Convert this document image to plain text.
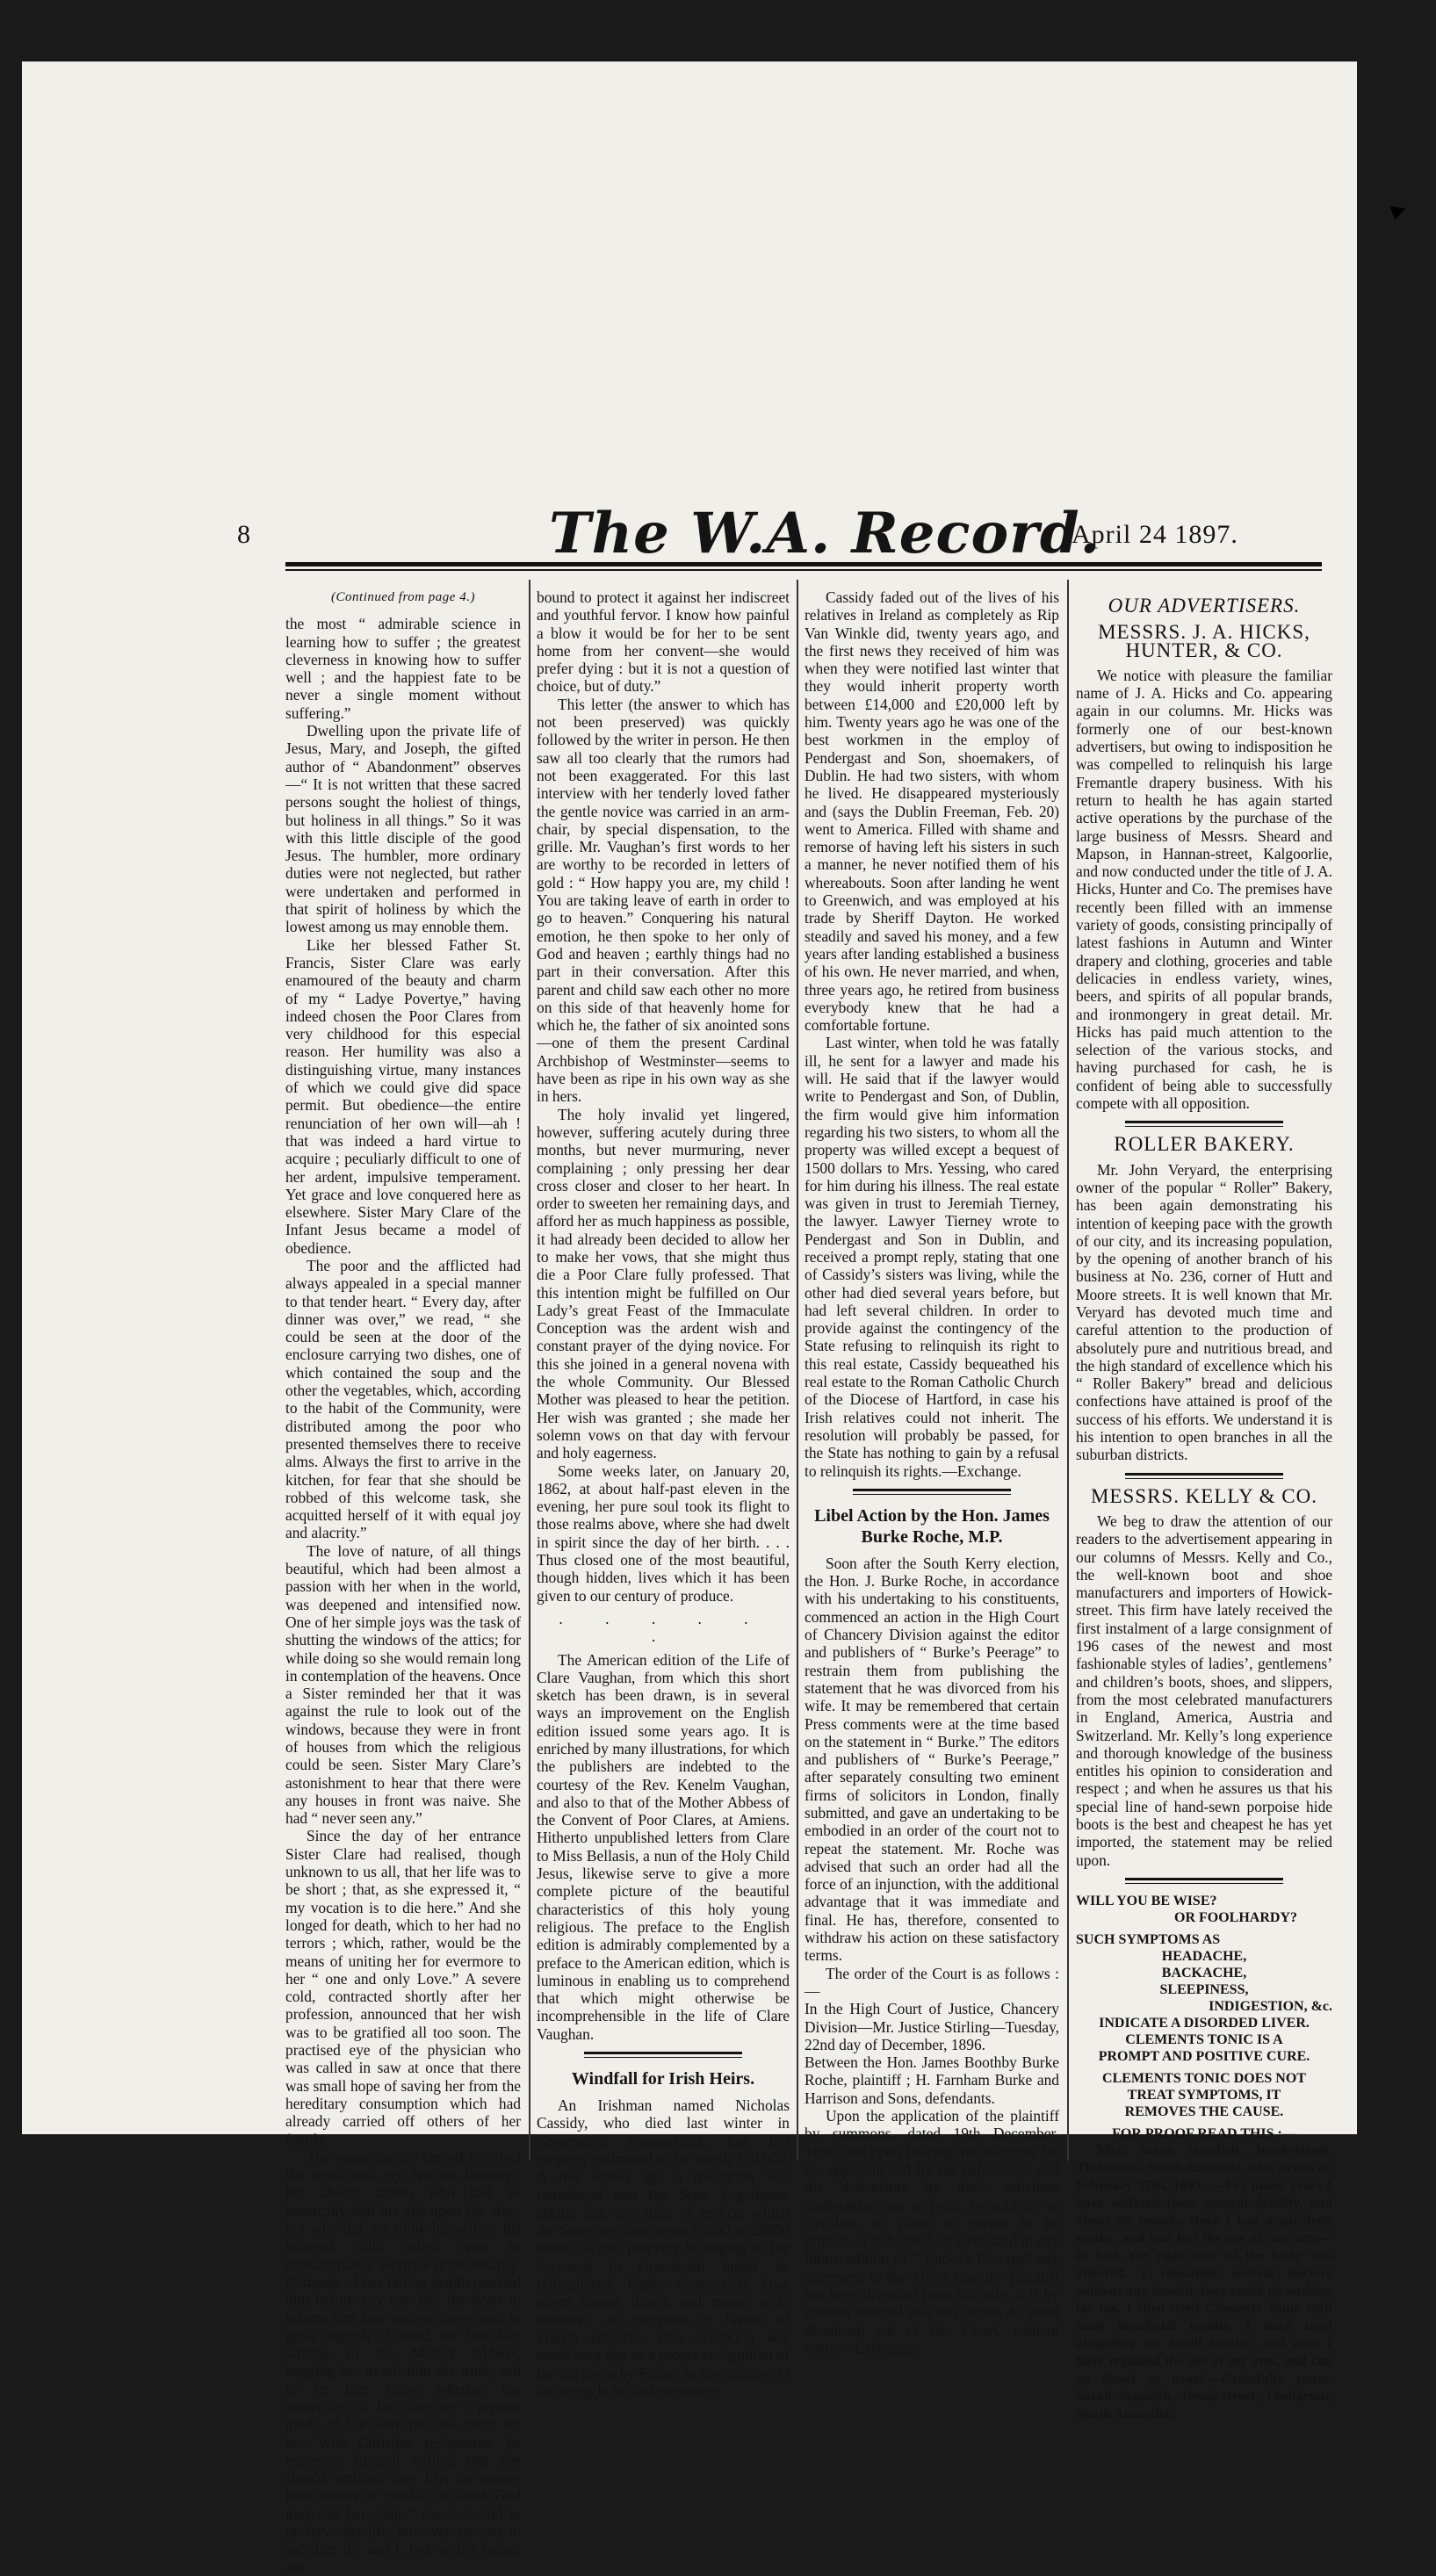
8	The W.A. Record.
April 24 1897.
(Continued from page 4.)

the most “ admirable science in learning how to suffer ; the greatest cleverness in knowing how to suffer well ; and the happiest fate to be never a single moment without suffering.”

Dwelling upon the private life of Jesus, Mary, and Joseph, the gifted author of “ Abandonment” observes —“ It is not written that these sacred persons sought the holiest of things, but holiness in all things.” So it was with this little disciple of the good Jesus. The humbler, more ordinary duties were not neglected, but rather were undertaken and performed in that spirit of holiness by which the lowest among us may ennoble them.

Like her blessed Father St. Francis, Sister Clare was early enamoured of the beauty and charm of my “ Ladye Povertye,” having indeed chosen the Poor Clares from very childhood for this especial reason. Her humility was also a distinguishing virtue, many instances of which we could give did space permit. But obedience—the entire renunciation of her own will—ah ! that was indeed a hard virtue to acquire ; peculiarly difficult to one of her ardent, impulsive temperament. Yet grace and love conquered here as elsewhere. Sister Mary Clare of the Infant Jesus became a model of obedience.

The poor and the afflicted had always appealed in a special manner to that tender heart. “ Every day, after dinner was over,” we read, “ she could be seen at the door of the enclosure carrying two dishes, one of which contained the soup and the other the vegetables, which, according to the habit of the Community, were distributed among the poor who presented themselves there to receive alms. Always the first to arrive in the kitchen, for fear that she should be robbed of this welcome task, she acquitted herself of it with equal joy and alacrity.”

The love of nature, of all things beautiful, which had been almost a passion with her when in the world, was deepened and intensified now. One of her simple joys was the task of shutting the windows of the attics; for while doing so she would remain long in contemplation of the heavens. Once a Sister reminded her that it was against the rule to look out of the windows, because they were in front of houses from which the religious could be seen. Sister Mary Clare’s astonishment to hear that there were any houses in front was naive. She had “ never seen any.”

Since the day of her entrance Sister Clare had realised, though unknown to us all, that her life was to be short ; that, as she expressed it, “ my vocation is to die here.” And she longed for death, which to her had no terrors ; which, rather, would be the means of uniting her for evermore to her “ one and only Love.” A severe cold, contracted shortly after her profession, announced that her wish was to be gratified all too soon. The practised eye of the physician who was called in saw at once that there was small hope of saving her from the hereditary consumption which had already carried off others of her family.

The young novice herself received the news with joy. Not so, however, her absent father, who had so heroically laid his gift upon the altar, but who did not think himself or his beloved child called upon to consummate a sacrifice unnecessarily. Rumours of her failing health reached him before any one had the heart to inform him how useless hope was. In great anguish of mind, we find him writing to the Mother Abbess, begging her to tell him the truth, and to let him know whether the austerities of his daughter’s present mode of life were not too much for her. With Christian resignation, he expresses himself willing that she should embrace any life, no matter how austere or painful, to which God may call her ; but “ she is bound to preserve her life, however anxious to sacrifice it ; and I, too, as her father, am

bound to protect it against her indiscreet and youthful fervor. I know how painful a blow it would be for her to be sent home from her convent—she would prefer dying : but it is not a question of choice, but of duty.”

This letter (the answer to which has not been preserved) was quickly followed by the writer in person. He then saw all too clearly that the rumors had not been exaggerated. For this last interview with her tenderly loved father the gentle novice was carried in an arm-chair, by special dispensation, to the grille. Mr. Vaughan’s first words to her are worthy to be recorded in letters of gold : “ How happy you are, my child ! You are taking leave of earth in order to go to heaven.” Conquering his natural emotion, he then spoke to her only of God and heaven ; earthly things had no part in their conversation. After this parent and child saw each other no more on this side of that heavenly home for which he, the father of six anointed sons—one of them the present Cardinal Archbishop of Westminster—seems to have been as ripe in his own way as she in hers.

The holy invalid yet lingered, however, suffering acutely during three months, but never murmuring, never complaining ; only pressing her dear cross closer and closer to her heart. In order to sweeten her remaining days, and afford her as much happiness as possible, it had already been decided to allow her to make her vows, that she might thus die a Poor Clare fully professed. That this intention might be fulfilled on Our Lady’s great Feast of the Immaculate Conception was the ardent wish and constant prayer of the dying novice. For this she joined in a general novena with the whole Community. Our Blessed Mother was pleased to hear the petition. Her wish was granted ; she made her solemn vows on that day with fervour and holy eagerness.

Some weeks later, on January 20, 1862, at about half-past eleven in the evening, her pure soul took its flight to those realms above, where she had dwelt in spirit since the day of her birth. . . . Thus closed one of the most beautiful, though hidden, lives which it has been given to our century of produce.

. . . . . .

The American edition of the Life of Clare Vaughan, from which this short sketch has been drawn, is in several ways an improvement on the English edition issued some years ago. It is enriched by many illustrations, for which the publishers are indebted to the courtesy of the Rev. Kenelm Vaughan, and also to that of the Mother Abbess of the Convent of Poor Clares, at Amiens. Hitherto unpublished letters from Clare to Miss Bellasis, a nun of the Holy Child Jesus, likewise serve to give a more complete picture of the beautiful characteristics of this holy young religious. The preface to the English edition is admirably complemented by a preface to the American edition, which is luminous in enabling us to comprehend that which might otherwise be incomprehensible in the life of Clare Vaughan.

Windfall for Irish Heirs.

An Irishman named Nicholas Cassidy, who died last winter in Greenwich, Connecticut, has left property estimated to be worth £20,000. A few weeks ago a resolution was introduced into the State Legislature asking that any right of escheat which the State may have upon £5000 or £6000 worth of real property belonging to the deceased in Greenwich might be relinquished. Under Connecticut laws aliens cannot inherit real estate, with, however, an exception in favour of French subjects. This exception was made long ago as a proper recognition of the aid given by France to the colonies in the struggle for independence.

Cassidy faded out of the lives of his relatives in Ireland as completely as Rip Van Winkle did, twenty years ago, and the first news they received of him was when they were notified last winter that they would inherit property worth between £14,000 and £20,000 left by him. Twenty years ago he was one of the best workmen in the employ of Pendergast and Son, shoemakers, of Dublin. He had two sisters, with whom he lived. He disappeared mysteriously and (says the Dublin Freeman, Feb. 20) went to America. Filled with shame and remorse of having left his sisters in such a manner, he never notified them of his whereabouts. Soon after landing he went to Greenwich, and was employed at his trade by Sheriff Dayton. He worked steadily and saved his money, and a few years after landing established a business of his own. He never married, and when, three years ago, he retired from business everybody knew that he had a comfortable fortune.

Last winter, when told he was fatally ill, he sent for a lawyer and made his will. He said that if the lawyer would write to Pendergast and Son, of Dublin, the firm would give him information regarding his two sisters, to whom all the property was willed except a bequest of 1500 dollars to Mrs. Yessing, who cared for him during his illness. The real estate was given in trust to Jeremiah Tierney, the lawyer. Lawyer Tierney wrote to Pendergast and Son in Dublin, and received a prompt reply, stating that one of Cassidy’s sisters was living, while the other had died several years before, but had left several children. In order to provide against the contingency of the State refusing to relinquish its right to this real estate, Cassidy bequeathed his real estate to the Roman Catholic Church of the Diocese of Hartford, in case his Irish relatives could not inherit. The resolution will probably be passed, for the State has nothing to gain by a refusal to relinquish its rights.—Exchange.

Libel Action by the Hon. James Burke Roche, M.P.

Soon after the South Kerry election, the Hon. J. Burke Roche, in accordance with his undertaking to his constituents, commenced an action in the High Court of Chancery Division against the editor and publishers of “ Burke’s Peerage” to restrain them from publishing the statement that he was divorced from his wife. It may be remembered that certain Press comments were at the time based on the statement in “ Burke.” The editors and publishers of “ Burke’s Peerage,” after separately consulting two eminent firms of solicitors in London, finally submitted, and gave an undertaking to be embodied in an order of the court not to repeat the statement. Mr. Roche was advised that such an order had all the force of an injunction, with the additional advantage that it was immediate and final. He has, therefore, consented to withdraw his action on these satisfactory terms.

The order of the Court is as follows :—

In the High Court of Justice, Chancery Division—Mr. Justice Stirling—Tuesday, 22nd day of December, 1896.

Between the Hon. James Boothby Burke Roche, plaintiff ; H. Farnham Burke and Harrison and Sons, defendants.

Upon the application of the plaintiff by summons, dated 19th December, 1896, and upon hearing the solicitors for the applicant and for the defendants, and the defendants by their solicitors undertaking not to print, or publish, or circulate, or cause or permit to be printed, or published, or circulated in any future edition of “ Burke’s Peerage” any statement to the effect that the plaintiff has been divorced from his wife, it is by consent ordered that this action do stand dismissed out of this Court, without costs.—Exchange.

OUR ADVERTISERS.
MESSRS. J. A. HICKS, HUNTER, & CO.

We notice with pleasure the familiar name of J. A. Hicks and Co. appearing again in our columns. Mr. Hicks was formerly one of our best-known advertisers, but owing to indisposition he was compelled to relinquish his large Fremantle drapery business. With his return to health he has again started active operations by the purchase of the large business of Messrs. Sheard and Mapson, in Hannan-street, Kalgoorlie, and now conducted under the title of J. A. Hicks, Hunter and Co. The premises have recently been filled with an immense variety of goods, consisting principally of latest fashions in Autumn and Winter drapery and clothing, groceries and table delicacies in endless variety, wines, beers, and spirits of all popular brands, and ironmongery in great detail. Mr. Hicks has paid much attention to the selection of the various stocks, and having purchased for cash, he is confident of being able to successfully compete with all opposition.

ROLLER BAKERY.

Mr. John Veryard, the enterprising owner of the popular “ Roller” Bakery, has been again demonstrating his intention of keeping pace with the growth of our city, and its increasing population, by the opening of another branch of his business at No. 236, corner of Hutt and Moore streets. It is well known that Mr. Veryard has devoted much time and careful attention to the production of absolutely pure and nutritious bread, and the high standard of excellence which his “ Roller Bakery” bread and delicious confections have attained is proof of the success of his efforts. We understand it is his intention to open branches in all the suburban districts.

MESSRS. KELLY & CO.

We beg to draw the attention of our readers to the advertisement appearing in our columns of Messrs. Kelly and Co., the well-known boot and shoe manufacturers and importers of Howick-street. This firm have lately received the first instalment of a large consignment of 196 cases of the newest and most fashionable styles of ladies’, gentlemens’ and children’s boots, shoes, and slippers, from the most celebrated manufacturers in England, America, Austria and Switzerland. Mr. Kelly’s long experience and thorough knowledge of the business entitles his opinion to consideration and respect ; and when he assures us that his special line of hand-sewn porpoise hide boots is the best and cheapest he has yet imported, the statement may be relied upon.

WILL YOU BE WISE?
OR FOOLHARDY?
SUCH SYMPTOMS AS
HEADACHE,
BACKACHE,
SLEEPINESS,
INDIGESTION, &c.
INDICATE A DISORDED LIVER.
CLEMENTS TONIC IS A
PROMPT AND POSITIVE CURE.
CLEMENTS TONIC DOES NOT
TREAT SYMPTOMS, IT
REMOVES THE CAUSE.
FOR PROOF READ THIS :—

Mrs. Sarah Standish, Jevois-street, Thebarton, South Australia, who writes on February 17th, 1893 :—For many years I have suffered from general debility, and about six months since I had a paralytic stroke, and had lost the use of one arm—in fact, the right side of the body was affected. I consulted several doctors without any benefit, they could do nothing for me. I then tried Clements Tonic with most beneficial results. I have used altogether six small bottles, and now I have regained the use of my arm, and can go about as usual.—Gratefully yours, Sarah Standish, Jevois-street, Thebarton, South Australia.
